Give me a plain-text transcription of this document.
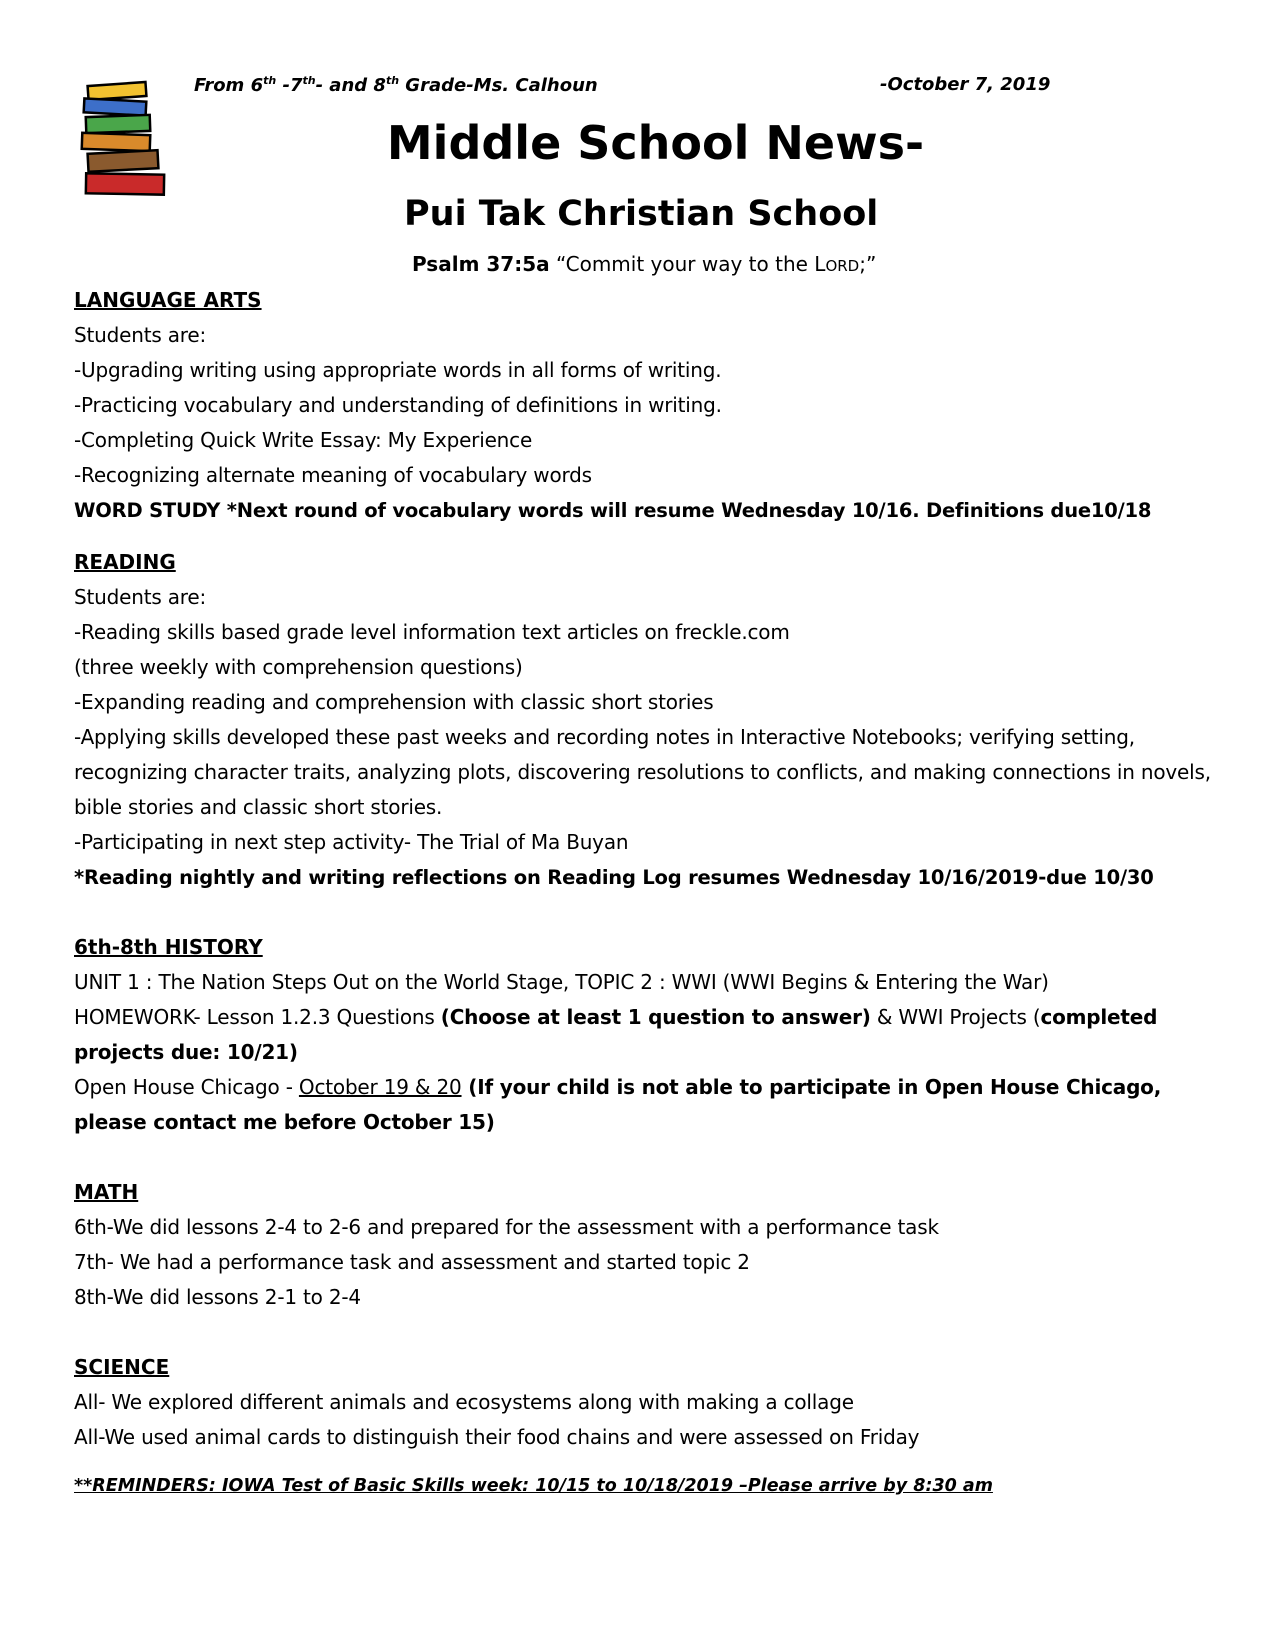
From 6th -7th- and 8th Grade-Ms. Calhoun	-October 7, 2019
Middle School News-
Pui Tak Christian School
Psalm 37:5a “Commit your way to the LORD;”
LANGUAGE ARTS
Students are:
-Upgrading writing using appropriate words in all forms of writing.
-Practicing vocabulary and understanding of definitions in writing.
-Completing Quick Write Essay: My Experience
-Recognizing alternate meaning of vocabulary words
WORD STUDY *Next round of vocabulary words will resume Wednesday 10/16. Definitions due10/18
READING
Students are:
-Reading skills based grade level information text articles on freckle.com
(three weekly with comprehension questions)
-Expanding reading and comprehension with classic short stories
-Applying skills developed these past weeks and recording notes in Interactive Notebooks; verifying setting, recognizing character traits, analyzing plots, discovering resolutions to conflicts, and making connections in novels, bible stories and classic short stories.
-Participating in next step activity- The Trial of Ma Buyan
*Reading nightly and writing reflections on Reading Log resumes Wednesday 10/16/2019-due 10/30
6th-8th HISTORY
UNIT 1 : The Nation Steps Out on the World Stage, TOPIC 2 : WWI (WWI Begins & Entering the War)
HOMEWORK- Lesson 1.2.3 Questions (Choose at least 1 question to answer) & WWI Projects (completed projects due: 10/21)
Open House Chicago - October 19 & 20 (If your child is not able to participate in Open House Chicago, please contact me before October 15)
MATH
6th-We did lessons 2-4 to 2-6 and prepared for the assessment with a performance task
7th- We had a performance task and assessment and started topic 2
8th-We did lessons 2-1 to 2-4
SCIENCE
All- We explored different animals and ecosystems along with making a collage
All-We used animal cards to distinguish their food chains and were assessed on Friday
**REMINDERS: IOWA Test of Basic Skills week: 10/15 to 10/18/2019 –Please arrive by 8:30 am
